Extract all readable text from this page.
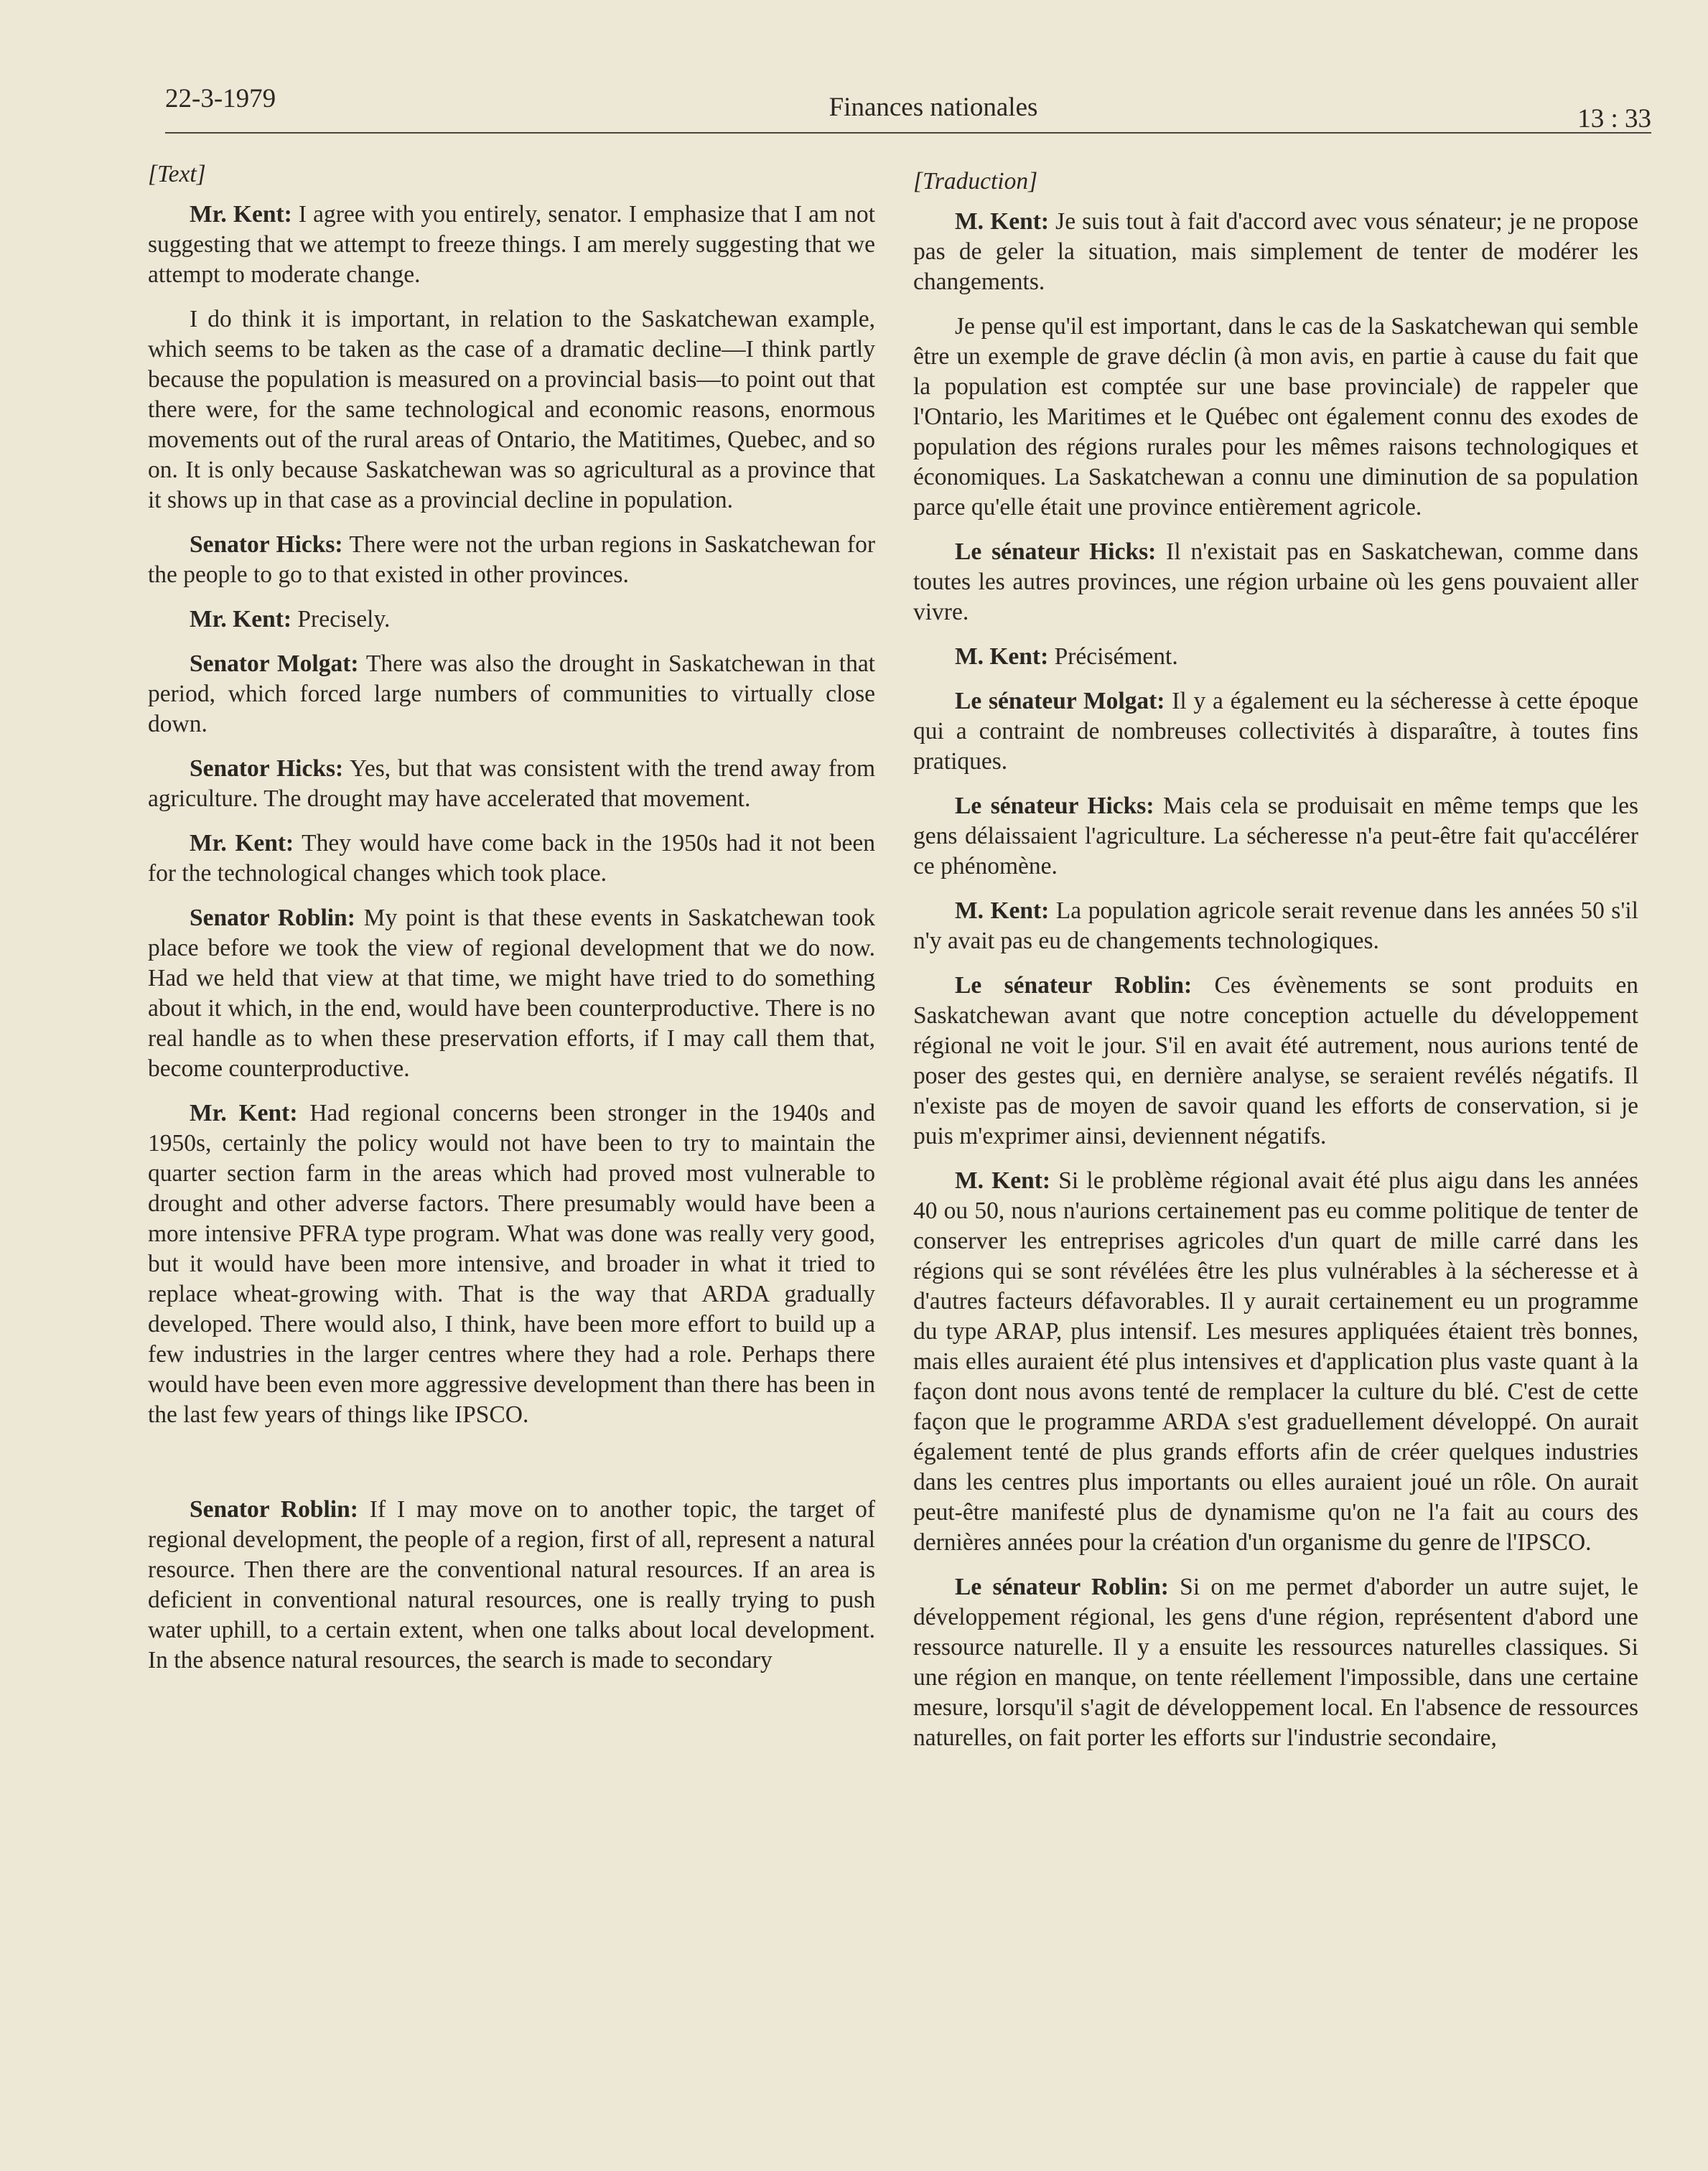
22-3-1979	Finances nationales	13 : 33

[Text]

Mr. Kent: I agree with you entirely, senator. I emphasize that I am not suggesting that we attempt to freeze things. I am merely suggesting that we attempt to moderate change.

I do think it is important, in relation to the Saskatchewan example, which seems to be taken as the case of a dramatic decline—I think partly because the population is measured on a provincial basis—to point out that there were, for the same technological and economic reasons, enormous movements out of the rural areas of Ontario, the Matitimes, Quebec, and so on. It is only because Saskatchewan was so agricultural as a province that it shows up in that case as a provincial decline in population.

Senator Hicks: There were not the urban regions in Saskatchewan for the people to go to that existed in other provinces.

Mr. Kent: Precisely.

Senator Molgat: There was also the drought in Saskatchewan in that period, which forced large numbers of communities to virtually close down.

Senator Hicks: Yes, but that was consistent with the trend away from agriculture. The drought may have accelerated that movement.

Mr. Kent: They would have come back in the 1950s had it not been for the technological changes which took place.

Senator Roblin: My point is that these events in Saskatchewan took place before we took the view of regional development that we do now. Had we held that view at that time, we might have tried to do something about it which, in the end, would have been counterproductive. There is no real handle as to when these preservation efforts, if I may call them that, become counterproductive.

Mr. Kent: Had regional concerns been stronger in the 1940s and 1950s, certainly the policy would not have been to try to maintain the quarter section farm in the areas which had proved most vulnerable to drought and other adverse factors. There presumably would have been a more intensive PFRA type program. What was done was really very good, but it would have been more intensive, and broader in what it tried to replace wheat-growing with. That is the way that ARDA gradually developed. There would also, I think, have been more effort to build up a few industries in the larger centres where they had a role. Perhaps there would have been even more aggressive development than there has been in the last few years of things like IPSCO.

Senator Roblin: If I may move on to another topic, the target of regional development, the people of a region, first of all, represent a natural resource. Then there are the conventional natural resources. If an area is deficient in conventional natural resources, one is really trying to push water uphill, to a certain extent, when one talks about local development. In the absence natural resources, the search is made to secondary

[Traduction]

M. Kent: Je suis tout à fait d'accord avec vous sénateur; je ne propose pas de geler la situation, mais simplement de tenter de modérer les changements.

Je pense qu'il est important, dans le cas de la Saskatchewan qui semble être un exemple de grave déclin (à mon avis, en partie à cause du fait que la population est comptée sur une base provinciale) de rappeler que l'Ontario, les Maritimes et le Québec ont également connu des exodes de population des régions rurales pour les mêmes raisons technologiques et économiques. La Saskatchewan a connu une diminution de sa population parce qu'elle était une province entièrement agricole.

Le sénateur Hicks: Il n'existait pas en Saskatchewan, comme dans toutes les autres provinces, une région urbaine où les gens pouvaient aller vivre.

M. Kent: Précisément.

Le sénateur Molgat: Il y a également eu la sécheresse à cette époque qui a contraint de nombreuses collectivités à disparaître, à toutes fins pratiques.

Le sénateur Hicks: Mais cela se produisait en même temps que les gens délaissaient l'agriculture. La sécheresse n'a peut-être fait qu'accélérer ce phénomène.

M. Kent: La population agricole serait revenue dans les années 50 s'il n'y avait pas eu de changements technologiques.

Le sénateur Roblin: Ces évènements se sont produits en Saskatchewan avant que notre conception actuelle du développement régional ne voit le jour. S'il en avait été autrement, nous aurions tenté de poser des gestes qui, en dernière analyse, se seraient revélés négatifs. Il n'existe pas de moyen de savoir quand les efforts de conservation, si je puis m'exprimer ainsi, deviennent négatifs.

M. Kent: Si le problème régional avait été plus aigu dans les années 40 ou 50, nous n'aurions certainement pas eu comme politique de tenter de conserver les entreprises agricoles d'un quart de mille carré dans les régions qui se sont révélées être les plus vulnérables à la sécheresse et à d'autres facteurs défavorables. Il y aurait certainement eu un programme du type ARAP, plus intensif. Les mesures appliquées étaient très bonnes, mais elles auraient été plus intensives et d'application plus vaste quant à la façon dont nous avons tenté de remplacer la culture du blé. C'est de cette façon que le programme ARDA s'est graduellement développé. On aurait également tenté de plus grands efforts afin de créer quelques industries dans les centres plus importants ou elles auraient joué un rôle. On aurait peut-être manifesté plus de dynamisme qu'on ne l'a fait au cours des dernières années pour la création d'un organisme du genre de l'IPSCO.

Le sénateur Roblin: Si on me permet d'aborder un autre sujet, le développement régional, les gens d'une région, représentent d'abord une ressource naturelle. Il y a ensuite les ressources naturelles classiques. Si une région en manque, on tente réellement l'impossible, dans une certaine mesure, lorsqu'il s'agit de développement local. En l'absence de ressources naturelles, on fait porter les efforts sur l'industrie secondaire,
